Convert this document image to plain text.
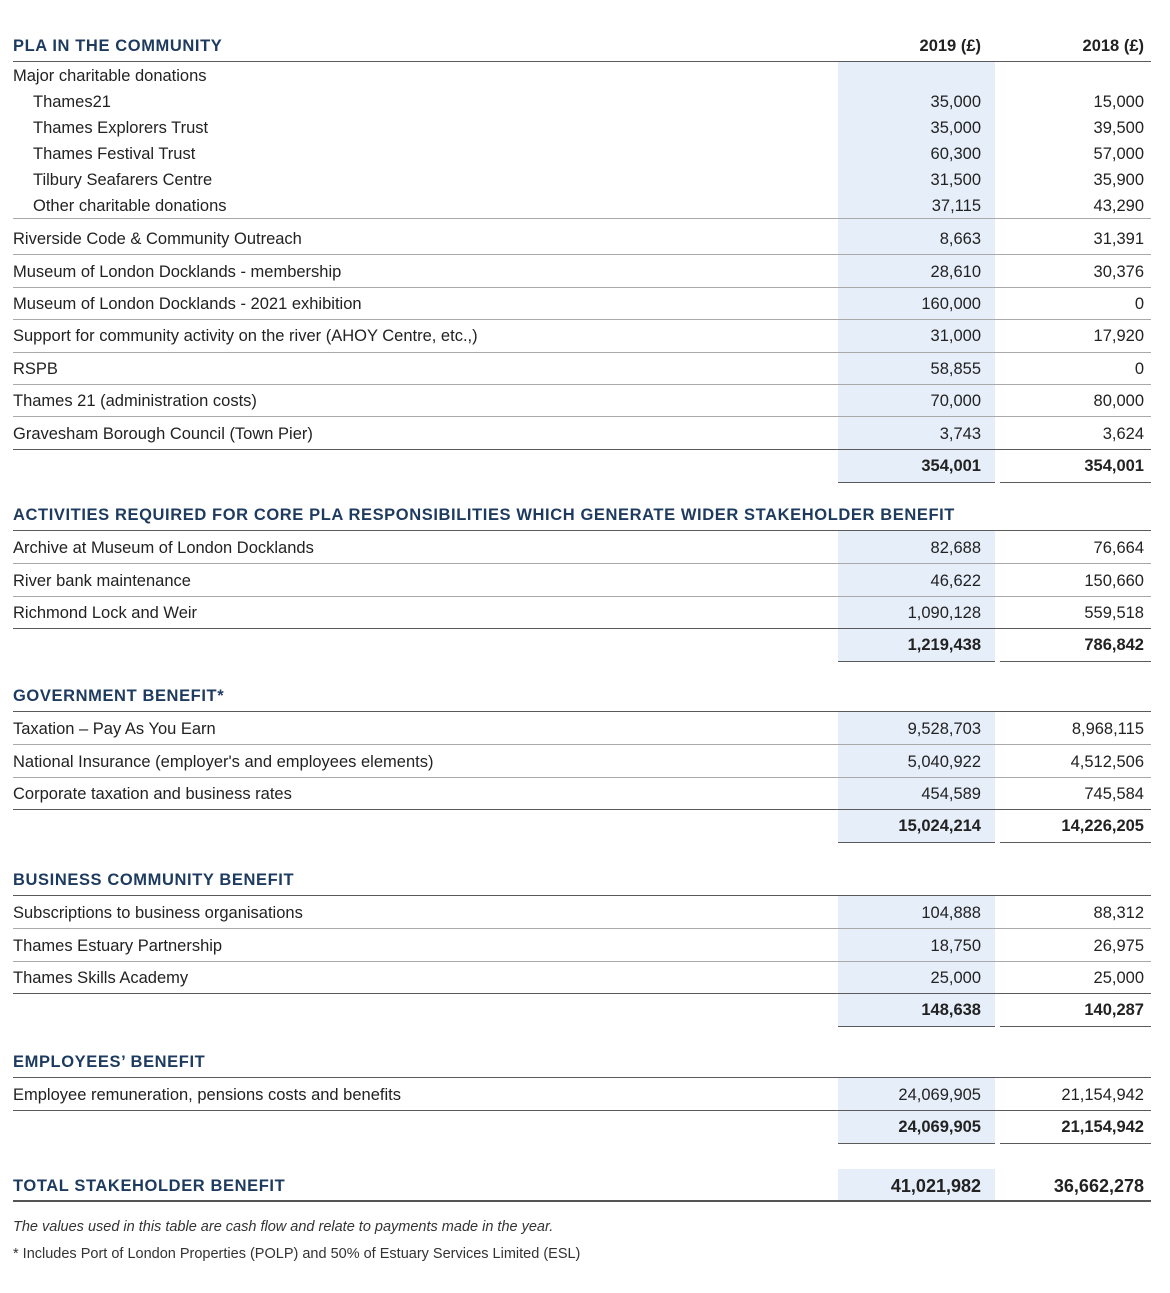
PLA IN THE COMMUNITY	2019 (£)	2018 (£)
Major charitable donations
Thames21	35,000	15,000
Thames Explorers Trust	35,000	39,500
Thames Festival Trust	60,300	57,000
Tilbury Seafarers Centre	31,500	35,900
Other charitable donations	37,115	43,290
Riverside Code & Community Outreach	8,663	31,391
Museum of London Docklands - membership	28,610	30,376
Museum of London Docklands - 2021 exhibition	160,000	0
Support for community activity on the river (AHOY Centre, etc.,)	31,000	17,920
RSPB	58,855	0
Thames 21 (administration costs)	70,000	80,000
Gravesham Borough Council (Town Pier)	3,743	3,624
354,001	354,001
ACTIVITIES REQUIRED FOR CORE PLA RESPONSIBILITIES WHICH GENERATE WIDER STAKEHOLDER BENEFIT
Archive at Museum of London Docklands	82,688	76,664
River bank maintenance	46,622	150,660
Richmond Lock and Weir	1,090,128	559,518
1,219,438	786,842
GOVERNMENT BENEFIT*
Taxation – Pay As You Earn	9,528,703	8,968,115
National Insurance (employer's and employees elements)	5,040,922	4,512,506
Corporate taxation and business rates	454,589	745,584
15,024,214	14,226,205
BUSINESS COMMUNITY BENEFIT
Subscriptions to business organisations	104,888	88,312
Thames Estuary Partnership	18,750	26,975
Thames Skills Academy	25,000	25,000
148,638	140,287
EMPLOYEES’ BENEFIT
Employee remuneration, pensions costs and benefits	24,069,905	21,154,942
24,069,905	21,154,942
TOTAL STAKEHOLDER BENEFIT	41,021,982	36,662,278
The values used in this table are cash flow and relate to payments made in the year.
* Includes Port of London Properties (POLP) and 50% of Estuary Services Limited (ESL)
